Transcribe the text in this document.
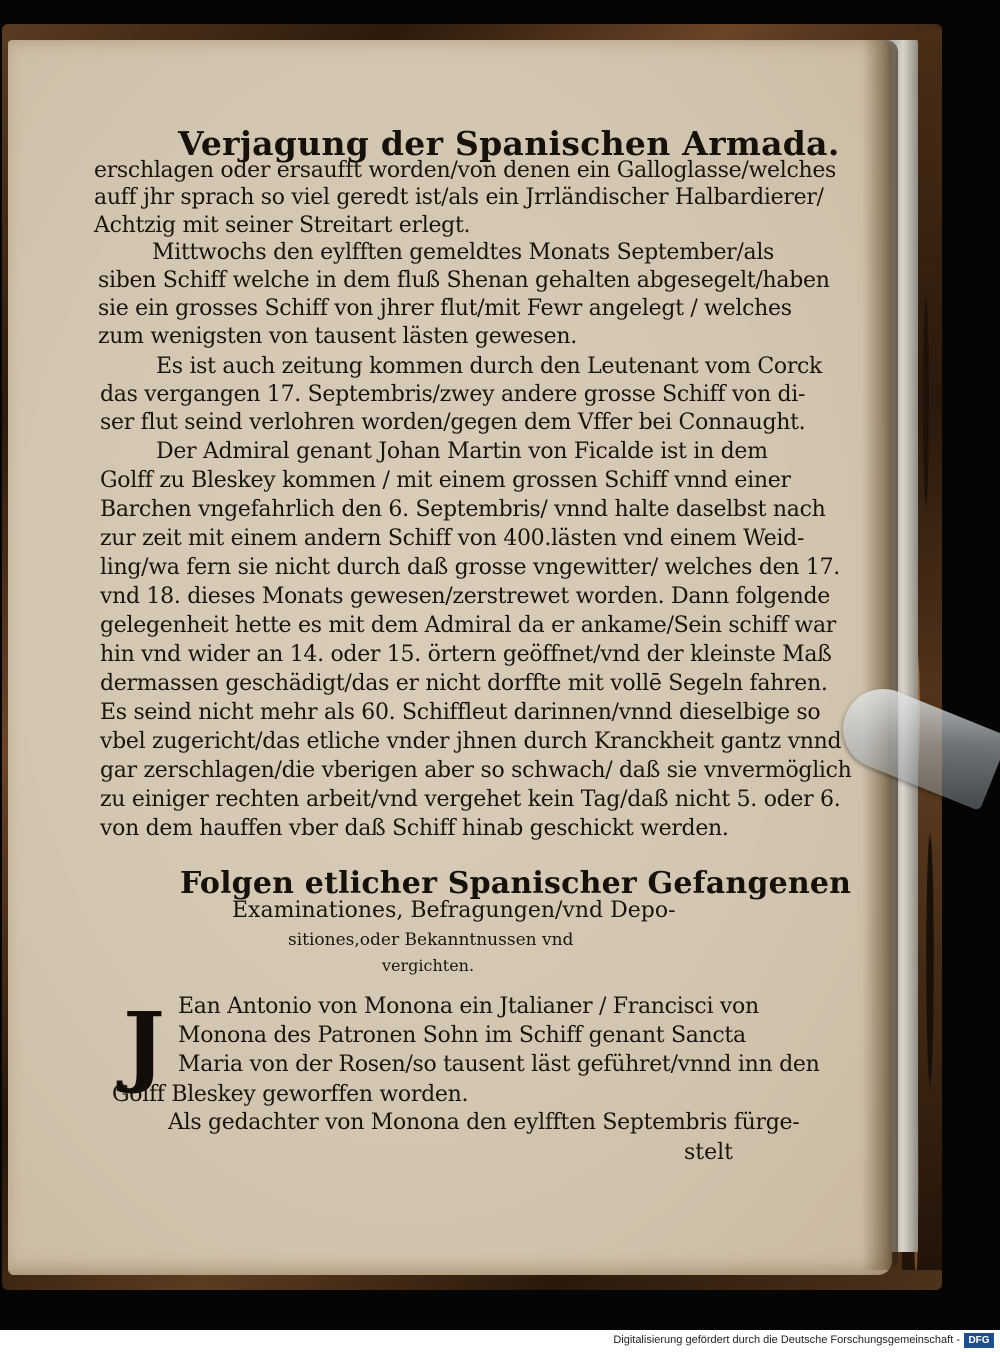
Verjagung der Spanischen Armada.
erschlagen oder ersaufft worden/von denen ein Galloglasse/welches
auff jhr sprach so viel geredt ist/als ein Jrrländischer Halbardierer/
Achtzig mit seiner Streitart erlegt.
Mittwochs den eylfften gemeldtes Monats September/als
siben Schiff welche in dem fluß Shenan gehalten abgesegelt/haben
sie ein grosses Schiff von jhrer flut/mit Fewr angelegt / welches
zum wenigsten von tausent lästen gewesen.
Es ist auch zeitung kommen durch den Leutenant vom Corck
das vergangen 17. Septembris/zwey andere grosse Schiff von di-
ser flut seind verlohren worden/gegen dem Vffer bei Connaught.
Der Admiral genant Johan Martin von Ficalde ist in dem
Golff zu Bleskey kommen / mit einem grossen Schiff vnnd einer
Barchen vngefahrlich den 6. Septembris/ vnnd halte daselbst nach
zur zeit mit einem andern Schiff von 400.lästen vnd einem Weid-
ling/wa fern sie nicht durch daß grosse vngewitter/ welches den 17.
vnd 18. dieses Monats gewesen/zerstrewet worden. Dann folgende
gelegenheit hette es mit dem Admiral da er ankame/Sein schiff war
hin vnd wider an 14. oder 15. örtern geöffnet/vnd der kleinste Maß
dermassen geschädigt/das er nicht dorffte mit vollē Segeln fahren.
Es seind nicht mehr als 60. Schiffleut darinnen/vnnd dieselbige so
vbel zugericht/das etliche vnder jhnen durch Kranckheit gantz vnnd
gar zerschlagen/die vberigen aber so schwach/ daß sie vnvermöglich
zu einiger rechten arbeit/vnd vergehet kein Tag/daß nicht 5. oder 6.
von dem hauffen vber daß Schiff hinab geschickt werden.
Folgen etlicher Spanischer Gefangenen
Examinationes, Befragungen/vnd Depo-
sitiones,oder Bekanntnussen vnd
vergichten.
J Ean Antonio von Monona ein Jtalianer / Francisci von
Monona des Patronen Sohn im Schiff genant Sancta
Maria von der Rosen/so tausent läst geführet/vnnd inn den
Golff Bleskey geworffen worden.
Als gedachter von Monona den eylfften Septembris fürge-
stelt
Digitalisierung gefördert durch die Deutsche Forschungsgemeinschaft - DFG
